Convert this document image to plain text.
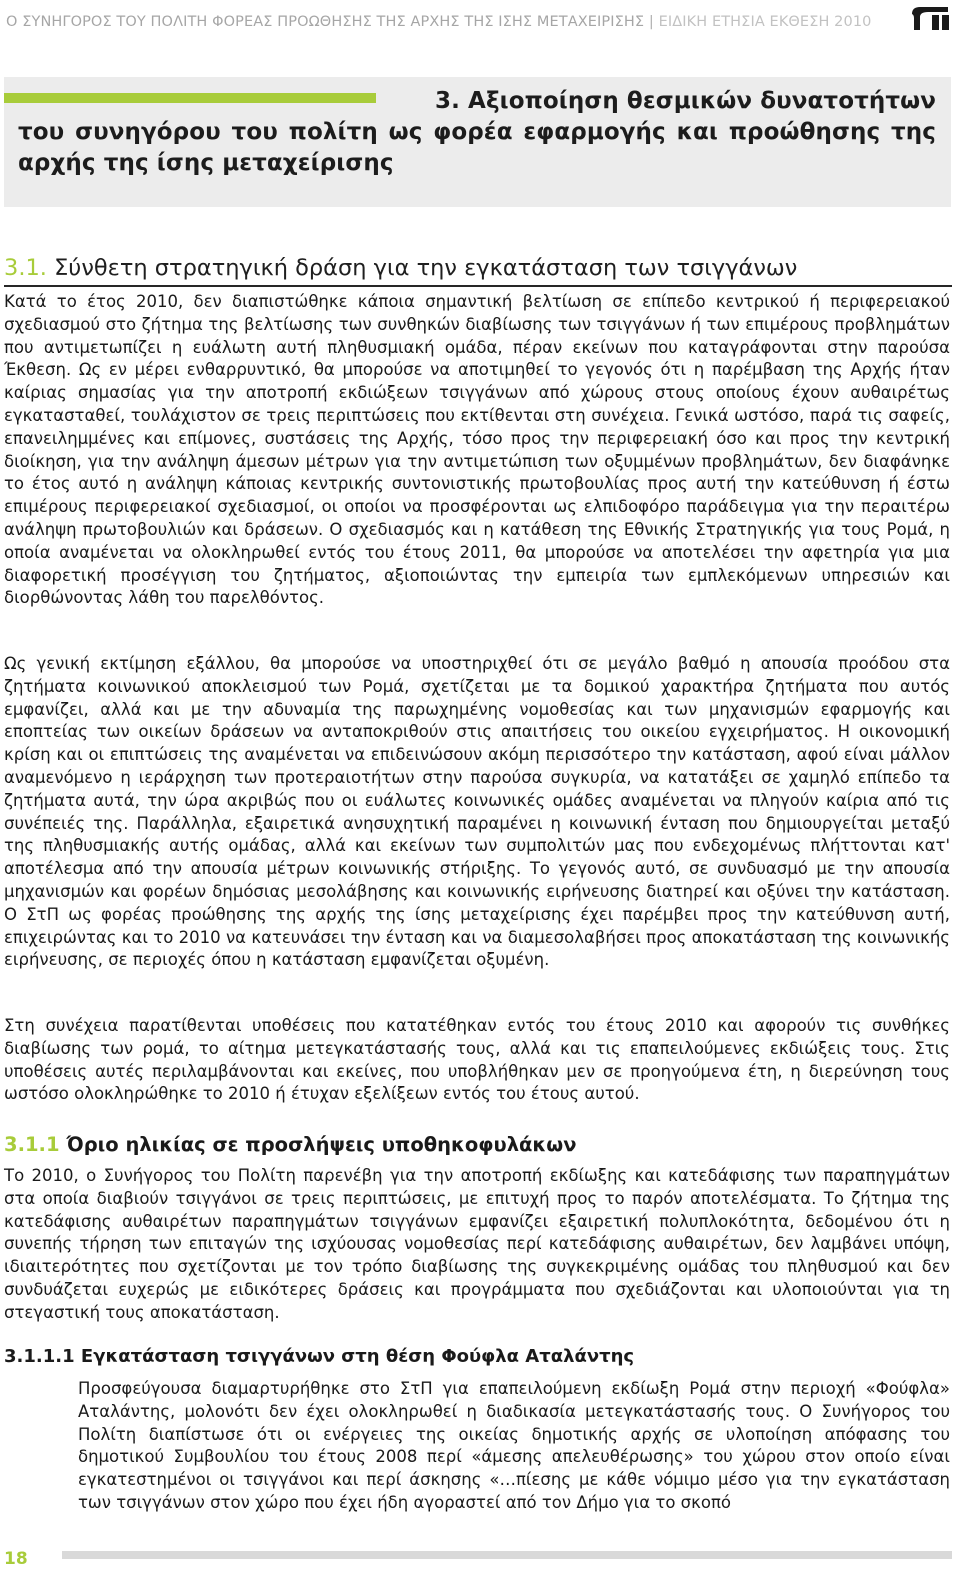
Ο ΣΥΝΗΓΟΡΟΣ ΤΟΥ ΠΟΛΙΤΗ ΦΟΡΕΑΣ ΠΡΟΩΘΗΣΗΣ ΤΗΣ ΑΡΧΗΣ ΤΗΣ ΙΣΗΣ ΜΕΤΑΧΕΙΡΙΣΗΣ | ΕΙΔΙΚΗ ΕΤΗΣΙΑ ΕΚΘΕΣΗ 2010
3. Αξιοποίηση θεσμικών δυνατοτήτων του συνηγόρου του πολίτη ως φορέα εφαρμογής και προώθησης της αρχής της ίσης μεταχείρισης
3.1. Σύνθετη στρατηγική δράση για την εγκατάσταση των τσιγγάνων

Κατά το έτος 2010, δεν διαπιστώθηκε κάποια σημαντική βελτίωση σε επίπεδο κεντρικού ή περιφερειακού σχεδιασμού στο ζήτημα της βελτίωσης των συνθηκών διαβίωσης των τσιγγάνων ή των επιμέρους προβλημάτων που αντιμετωπίζει η ευάλωτη αυτή πληθυσμιακή ομάδα, πέραν εκείνων που καταγράφονται στην παρούσα Έκθεση. Ως εν μέρει ενθαρρυντικό, θα μπορούσε να αποτιμηθεί το γεγονός ότι η παρέμβαση της Αρχής ήταν καίριας σημασίας για την αποτροπή εκδιώξεων τσιγγάνων από χώρους στους οποίους έχουν αυθαιρέτως εγκατασταθεί, τουλάχιστον σε τρεις περιπτώσεις που εκτίθενται στη συνέχεια. Γενικά ωστόσο, παρά τις σαφείς, επανειλημμένες και επίμονες, συστάσεις της Αρχής, τόσο προς την περιφερειακή όσο και προς την κεντρική διοίκηση, για την ανάληψη άμεσων μέτρων για την αντιμετώπιση των οξυμμένων προβλημάτων, δεν διαφάνηκε το έτος αυτό η ανάληψη κάποιας κεντρικής συντονιστικής πρωτοβουλίας προς αυτή την κατεύθυνση ή έστω επιμέρους περιφερειακοί σχεδιασμοί, οι οποίοι να προσφέρονται ως ελπιδοφόρο παράδειγμα για την περαιτέρω ανάληψη πρωτοβουλιών και δράσεων. Ο σχεδιασμός και η κατάθεση της Εθνικής Στρατηγικής για τους Ρομά, η οποία αναμένεται να ολοκληρωθεί εντός του έτους 2011, θα μπορούσε να αποτελέσει την αφετηρία για μια διαφορετική προσέγγιση του ζητήματος, αξιοποιώντας την εμπειρία των εμπλεκόμενων υπηρεσιών και διορθώνοντας λάθη του παρελθόντος.

Ως γενική εκτίμηση εξάλλου, θα μπορούσε να υποστηριχθεί ότι σε μεγάλο βαθμό η απουσία προόδου στα ζητήματα κοινωνικού αποκλεισμού των Ρομά, σχετίζεται με τα δομικού χαρακτήρα ζητήματα που αυτός εμφανίζει, αλλά και με την αδυναμία της παρωχημένης νομοθεσίας και των μηχανισμών εφαρμογής και εποπτείας των οικείων δράσεων να ανταποκριθούν στις απαιτήσεις του οικείου εγχειρήματος. Η οικονομική κρίση και οι επιπτώσεις της αναμένεται να επιδεινώσουν ακόμη περισσότερο την κατάσταση, αφού είναι μάλλον αναμενόμενο η ιεράρχηση των προτεραιοτήτων στην παρούσα συγκυρία, να κατατάξει σε χαμηλό επίπεδο τα ζητήματα αυτά, την ώρα ακριβώς που οι ευάλωτες κοινωνικές ομάδες αναμένεται να πληγούν καίρια από τις συνέπειές της. Παράλληλα, εξαιρετικά ανησυχητική παραμένει η κοινωνική ένταση που δημιουργείται μεταξύ της πληθυσμιακής αυτής ομάδας, αλλά και εκείνων των συμπολιτών μας που ενδεχομένως πλήττονται κατ' αποτέλεσμα από την απουσία μέτρων κοινωνικής στήριξης. Το γεγονός αυτό, σε συνδυασμό με την απουσία μηχανισμών και φορέων δημόσιας μεσολάβησης και κοινωνικής ειρήνευσης διατηρεί και οξύνει την κατάσταση. Ο ΣτΠ ως φορέας προώθησης της αρχής της ίσης μεταχείρισης έχει παρέμβει προς την κατεύθυνση αυτή, επιχειρώντας και το 2010 να κατευνάσει την ένταση και να διαμεσολαβήσει προς αποκατάσταση της κοινωνικής ειρήνευσης, σε περιοχές όπου η κατάσταση εμφανίζεται οξυμένη.

Στη συνέχεια παρατίθενται υποθέσεις που κατατέθηκαν εντός του έτους 2010 και αφορούν τις συνθήκες διαβίωσης των ρομά, το αίτημα μετεγκατάστασής τους, αλλά και τις επαπειλούμενες εκδιώξεις τους. Στις υποθέσεις αυτές περιλαμβάνονται και εκείνες, που υποβλήθηκαν μεν σε προηγούμενα έτη, η διερεύνηση τους ωστόσο ολοκληρώθηκε το 2010 ή έτυχαν εξελίξεων εντός του έτους αυτού.

3.1.1 Όριο ηλικίας σε προσλήψεις υποθηκοφυλάκων

Το 2010, ο Συνήγορος του Πολίτη παρενέβη για την αποτροπή εκδίωξης και κατεδάφισης των παραπηγμάτων στα οποία διαβιούν τσιγγάνοι σε τρεις περιπτώσεις, με επιτυχή προς το παρόν αποτελέσματα. Το ζήτημα της κατεδάφισης αυθαιρέτων παραπηγμάτων τσιγγάνων εμφανίζει εξαιρετική πολυπλοκότητα, δεδομένου ότι η συνεπής τήρηση των επιταγών της ισχύουσας νομοθεσίας περί κατεδάφισης αυθαιρέτων, δεν λαμβάνει υπόψη, ιδιαιτερότητες που σχετίζονται με τον τρόπο διαβίωσης της συγκεκριμένης ομάδας του πληθυσμού και δεν συνδυάζεται ευχερώς με ειδικότερες δράσεις και προγράμματα που σχεδιάζονται και υλοποιούνται για τη στεγαστική τους αποκατάσταση.

3.1.1.1 Εγκατάσταση τσιγγάνων στη θέση Φούφλα Αταλάντης

Προσφεύγουσα διαμαρτυρήθηκε στο ΣτΠ για επαπειλούμενη εκδίωξη Ρομά στην περιοχή «Φούφλα» Αταλάντης, μολονότι δεν έχει ολοκληρωθεί η διαδικασία μετεγκατάστασής τους. Ο Συνήγορος του Πολίτη διαπίστωσε ότι οι ενέργειες της οικείας δημοτικής αρχής σε υλοποίηση απόφασης του δημοτικού Συμβουλίου του έτους 2008 περί «άμεσης απελευθέρωσης» του χώρου στον οποίο είναι εγκατεστημένοι οι τσιγγάνοι και περί άσκησης «…πίεσης με κάθε νόμιμο μέσο για την εγκατάσταση των τσιγγάνων στον χώρο που έχει ήδη αγοραστεί από τον Δήμο για το σκοπό

18
